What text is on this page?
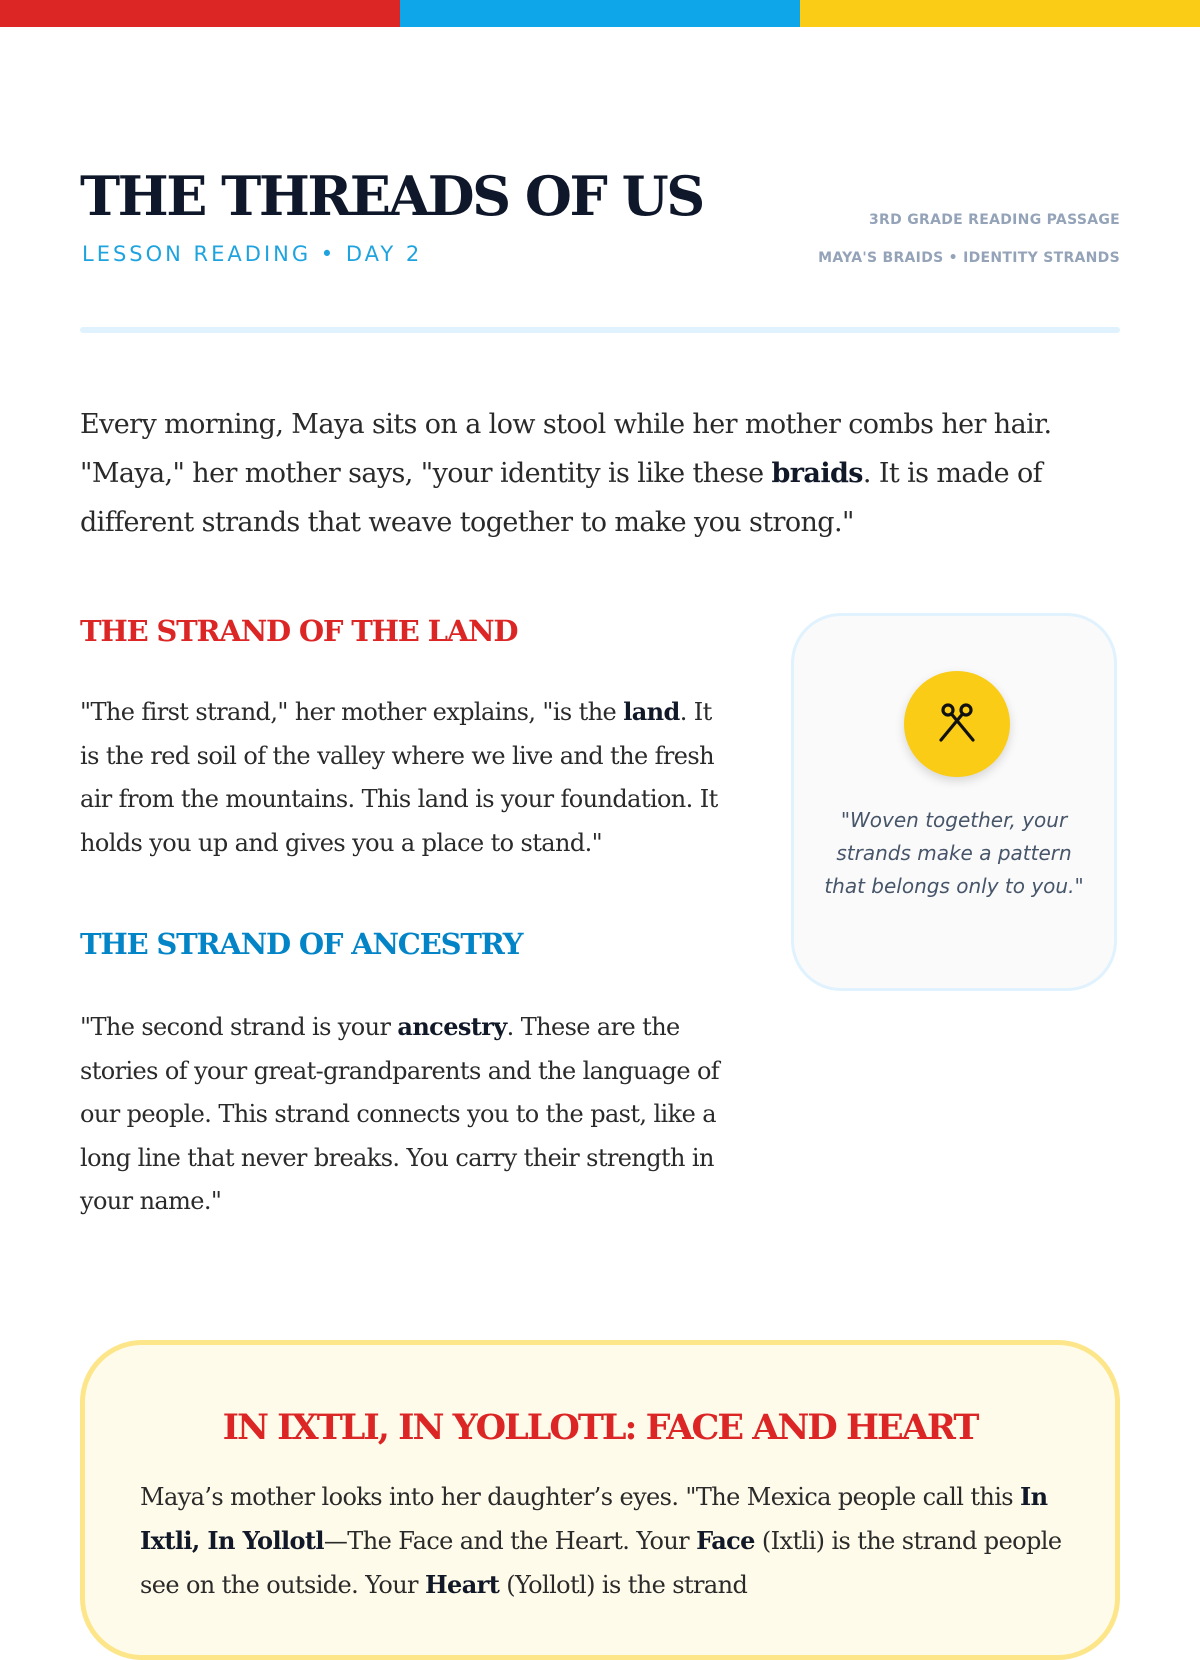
THE THREADS OF US
LESSON READING • DAY 2
3RD GRADE READING PASSAGE
MAYA'S BRAIDS • IDENTITY STRANDS

Every morning, Maya sits on a low stool while her mother combs her hair. "Maya," her mother says, "your identity is like these braids. It is made of different strands that weave together to make you strong."

THE STRAND OF THE LAND

"The first strand," her mother explains, "is the land. It is the red soil of the valley where we live and the fresh air from the mountains. This land is your foundation. It holds you up and gives you a place to stand."

THE STRAND OF ANCESTRY

"The second strand is your ancestry. These are the stories of your great-grandparents and the language of our people. This strand connects you to the past, like a long line that never breaks. You carry their strength in your name."

"Woven together, your strands make a pattern that belongs only to you."

IN IXTLI, IN YOLLOTL: FACE AND HEART

Maya’s mother looks into her daughter’s eyes. "The Mexica people call this In Ixtli, In Yollotl—The Face and the Heart. Your Face (Ixtli) is the strand people see on the outside. Your Heart (Yollotl) is the strand
